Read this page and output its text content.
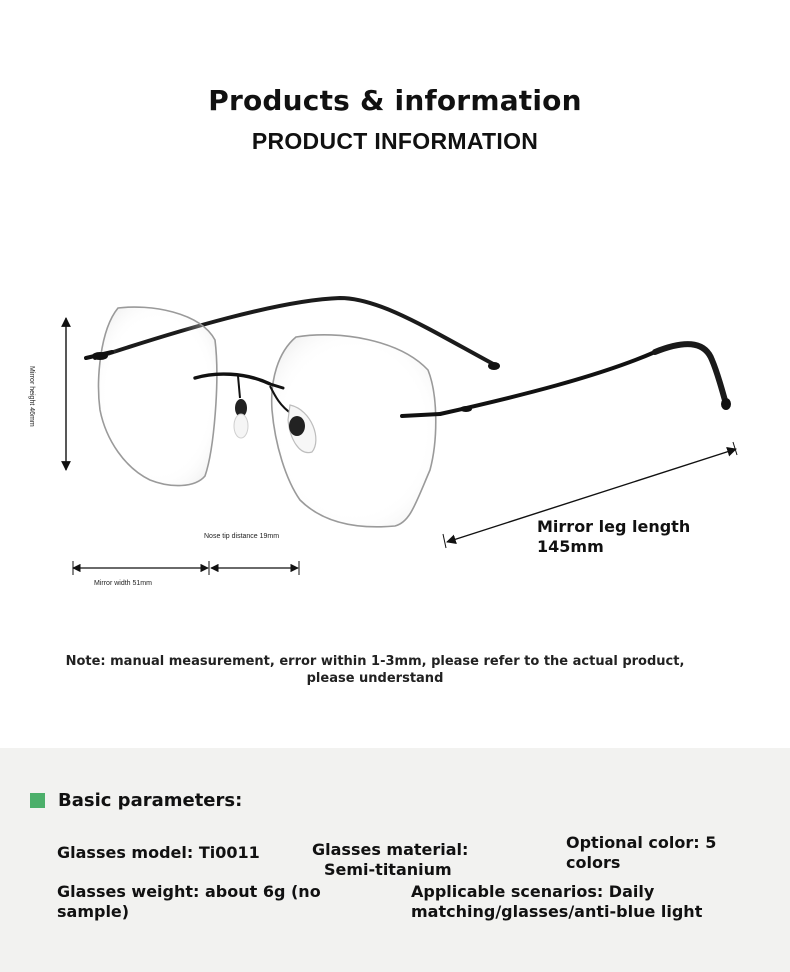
Products & information
PRODUCT INFORMATION
Mirror height 46mm
Nose tip distance 19mm
Mirror width 51mm
Mirror leg length
145mm
Note: manual measurement, error within 1-3mm, please refer to the actual product, please understand
Basic parameters:
Glasses model: Ti0011	Glasses material:
Semi-titanium
Optional color: 5
colors
Glasses weight: about 6g (no
sample)
Applicable scenarios: Daily
matching/glasses/anti-blue light
